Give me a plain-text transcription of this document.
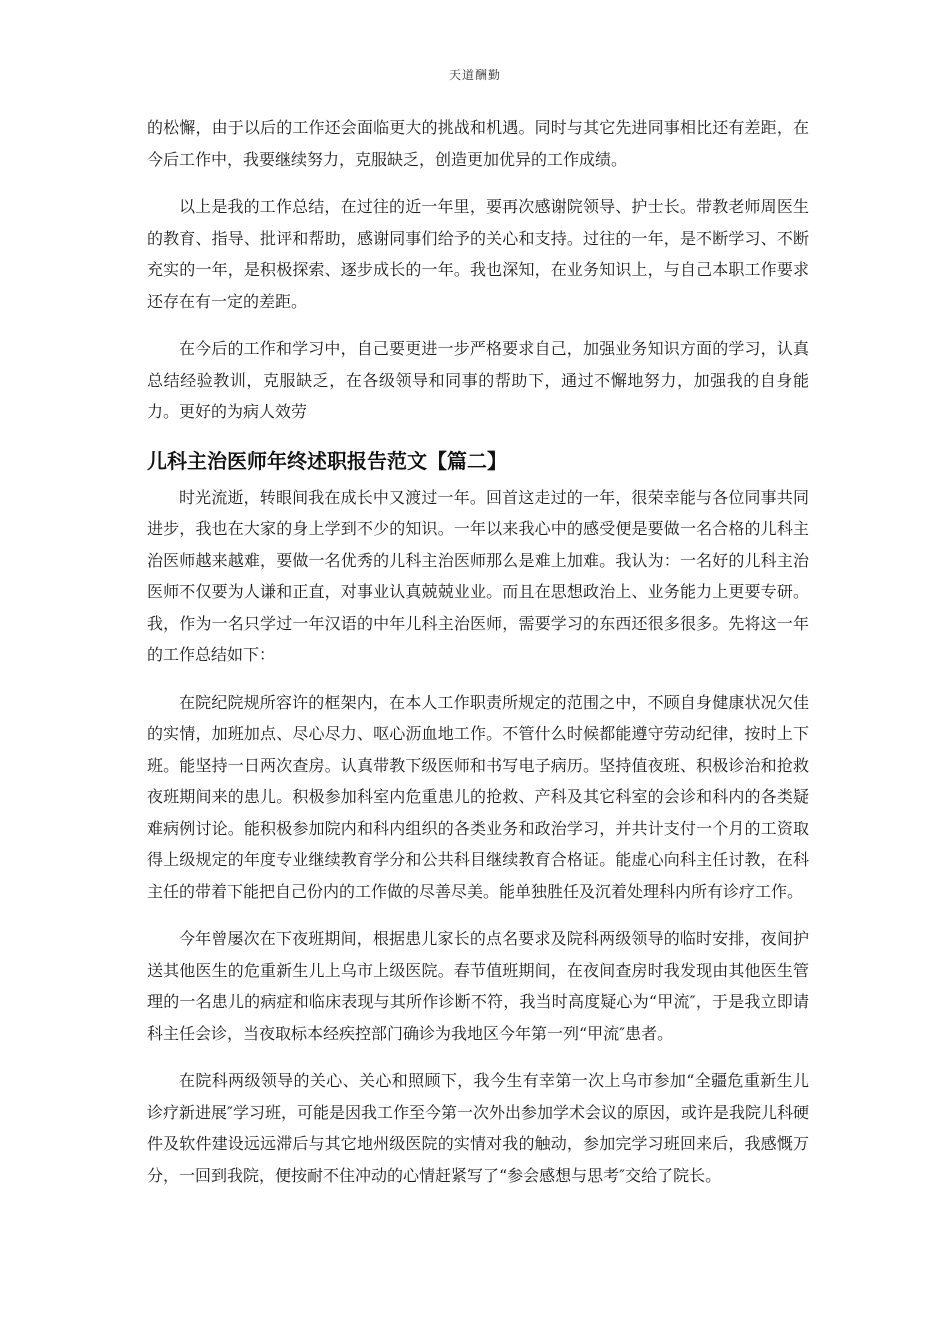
天道酬勤

的松懈，由于以后的工作还会面临更大的挑战和机遇。同时与其它先进同事相比还有差距，在今后工作中，我要继续努力，克服缺乏，创造更加优异的工作成绩。

以上是我的工作总结，在过往的近一年里，要再次感谢院领导、护士长。带教老师周医生的教育、指导、批评和帮助，感谢同事们给予的关心和支持。过往的一年，是不断学习、不断充实的一年，是积极探索、逐步成长的一年。我也深知，在业务知识上，与自己本职工作要求还存在有一定的差距。

在今后的工作和学习中，自己要更进一步严格要求自己，加强业务知识方面的学习，认真总结经验教训，克服缺乏，在各级领导和同事的帮助下，通过不懈地努力，加强我的自身能力。更好的为病人效劳

儿科主治医师年终述职报告范文【篇二】

时光流逝，转眼间我在成长中又渡过一年。回首这走过的一年，很荣幸能与各位同事共同进步，我也在大家的身上学到不少的知识。一年以来我心中的感受便是要做一名合格的儿科主治医师越来越难，要做一名优秀的儿科主治医师那么是难上加难。我认为：一名好的儿科主治医师不仅要为人谦和正直，对事业认真兢兢业业。而且在思想政治上、业务能力上更要专研。我，作为一名只学过一年汉语的中年儿科主治医师，需要学习的东西还很多很多。先将这一年的工作总结如下：

在院纪院规所容许的框架内，在本人工作职责所规定的范围之中，不顾自身健康状况欠佳的实情，加班加点、尽心尽力、呕心沥血地工作。不管什么时候都能遵守劳动纪律，按时上下班。能坚持一日两次查房。认真带教下级医师和书写电子病历。坚持值夜班、积极诊治和抢救夜班期间来的患儿。积极参加科室内危重患儿的抢救、产科及其它科室的会诊和科内的各类疑难病例讨论。能积极参加院内和科内组织的各类业务和政治学习，并共计支付一个月的工资取得上级规定的年度专业继续教育学分和公共科目继续教育合格证。能虚心向科主任讨教，在科主任的带着下能把自己份内的工作做的尽善尽美。能单独胜任及沉着处理科内所有诊疗工作。

今年曾屡次在下夜班期间，根据患儿家长的点名要求及院科两级领导的临时安排，夜间护送其他医生的危重新生儿上乌市上级医院。春节值班期间，在夜间查房时我发现由其他医生管理的一名患儿的病症和临床表现与其所作诊断不符，我当时高度疑心为“甲流″，于是我立即请科主任会诊，当夜取标本经疾控部门确诊为我地区今年第一列“甲流″患者。

在院科两级领导的关心、关心和照顾下，我今生有幸第一次上乌市参加“全疆危重新生儿诊疗新进展″学习班，可能是因我工作至今第一次外出参加学术会议的原因，或许是我院儿科硬件及软件建设远远滞后与其它地州级医院的实情对我的触动，参加完学习班回来后，我感慨万分，一回到我院，便按耐不住冲动的心情赶紧写了“参会感想与思考″交给了院长。
